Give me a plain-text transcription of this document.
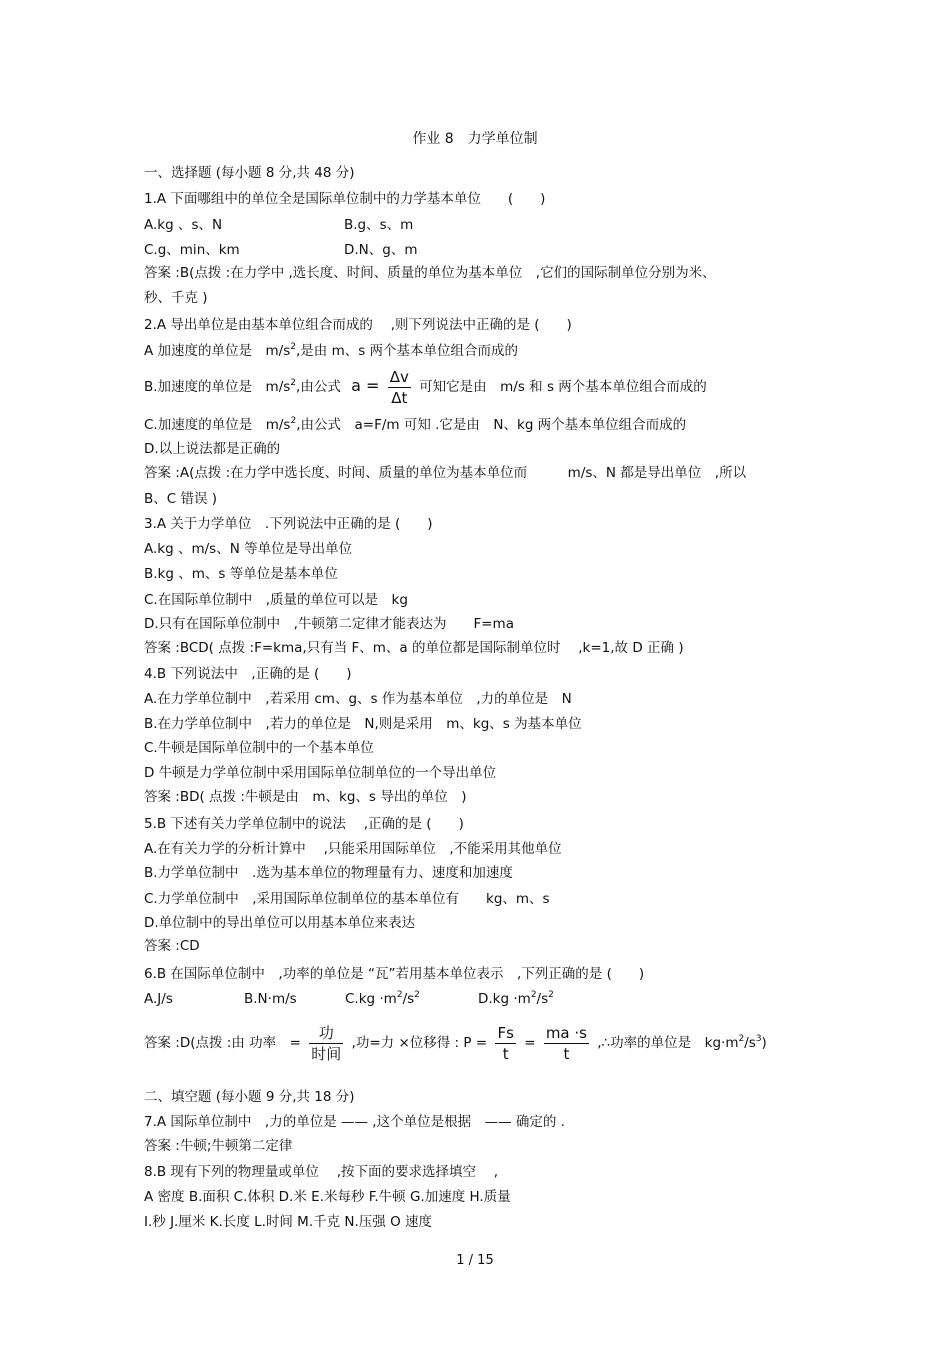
作业 8　力学单位制
一、选择题 (每小题 8 分,共 48 分)
1.A 下面哪组中的单位全是国际单位制中的力学基本单位　　(　　)
A.kg 、s、N	B.g、s、m
C.g、min、km	D.N、g、m
答案 :B(点拨 :在力学中 ,选长度、时间、质量的单位为基本单位　,它们的国际制单位分别为米、
秒、千克 )
2.A 导出单位是由基本单位组合而成的　 ,则下列说法中正确的是 (　　)
A 加速度的单位是　$m/s^2$,是由 m、s 两个基本单位组合而成的
B.加速度的单位是　$m/s^2$,由公式 $a = \frac{\Delta v}{\Delta t}$ 可知它是由　m/s 和 s 两个基本单位组合而成的
C.加速度的单位是　$m/s^2$,由公式　a=F/m 可知 .它是由　N、kg 两个基本单位组合而成的
D.以上说法都是正确的
答案 :A(点拨 :在力学中选长度、时间、质量的单位为基本单位而　　　m/s、N 都是导出单位　,所以
B、C 错误 )
3.A 关于力学单位　.下列说法中正确的是 (　　)
A.kg 、m/s、N 等单位是导出单位
B.kg 、m、s 等单位是基本单位
C.在国际单位制中　,质量的单位可以是　kg
D.只有在国际单位制中　,牛顿第二定律才能表达为　　F=ma
答案 :BCD( 点拨 :F=kma,只有当 F、m、a 的单位都是国际制单位时　 ,k=1,故 D 正确 )
4.B 下列说法中　,正确的是 (　　)
A.在力学单位制中　,若采用 cm、g、s 作为基本单位　,力的单位是　N
B.在力学单位制中　,若力的单位是　N,则是采用　m、kg、s 为基本单位
C.牛顿是国际单位制中的一个基本单位
D 牛顿是力学单位制中采用国际单位制单位的一个导出单位
答案 :BD( 点拨 :牛顿是由　m、kg、s 导出的单位　)
5.B 下述有关力学单位制中的说法　 ,正确的是 (　　)
A.在有关力学的分析计算中　 ,只能采用国际单位　,不能采用其他单位
B.力学单位制中　.选为基本单位的物理量有力、速度和加速度
C.力学单位制中　,采用国际单位制单位的基本单位有　　kg、m、s
D.单位制中的导出单位可以用基本单位来表达
答案 :CD
6.B 在国际单位制中　,功率的单位是 “瓦”若用基本单位表示　,下列正确的是 (　　)
A.J/s	B.N·m/s	$C.kg \cdot m^2/s^2$	$D.kg \cdot m^2/s^2$
答案 :D(点拨 :由 功率　= $\frac{\text{功}}{\text{时间}}$ ,功=力 ×位移得 : $P = \frac{Fs}{t} = \frac{ma \cdot s}{t}$ ,∴功率的单位是　$kg\cdot m^2/s^3$)
二、填空题 (每小题 9 分,共 18 分)
7.A 国际单位制中　,力的单位是 —— ,这个单位是根据　—— 确定的 .
答案 :牛顿;牛顿第二定律
8.B 现有下列的物理量或单位　 ,按下面的要求选择填空　 ,
A 密度 B.面积 C.体积 D.米 E.米每秒 F.牛顿 G.加速度 H.质量
I.秒 J.厘米 K.长度 L.时间 M.千克 N.压强 O 速度
1 / 15
